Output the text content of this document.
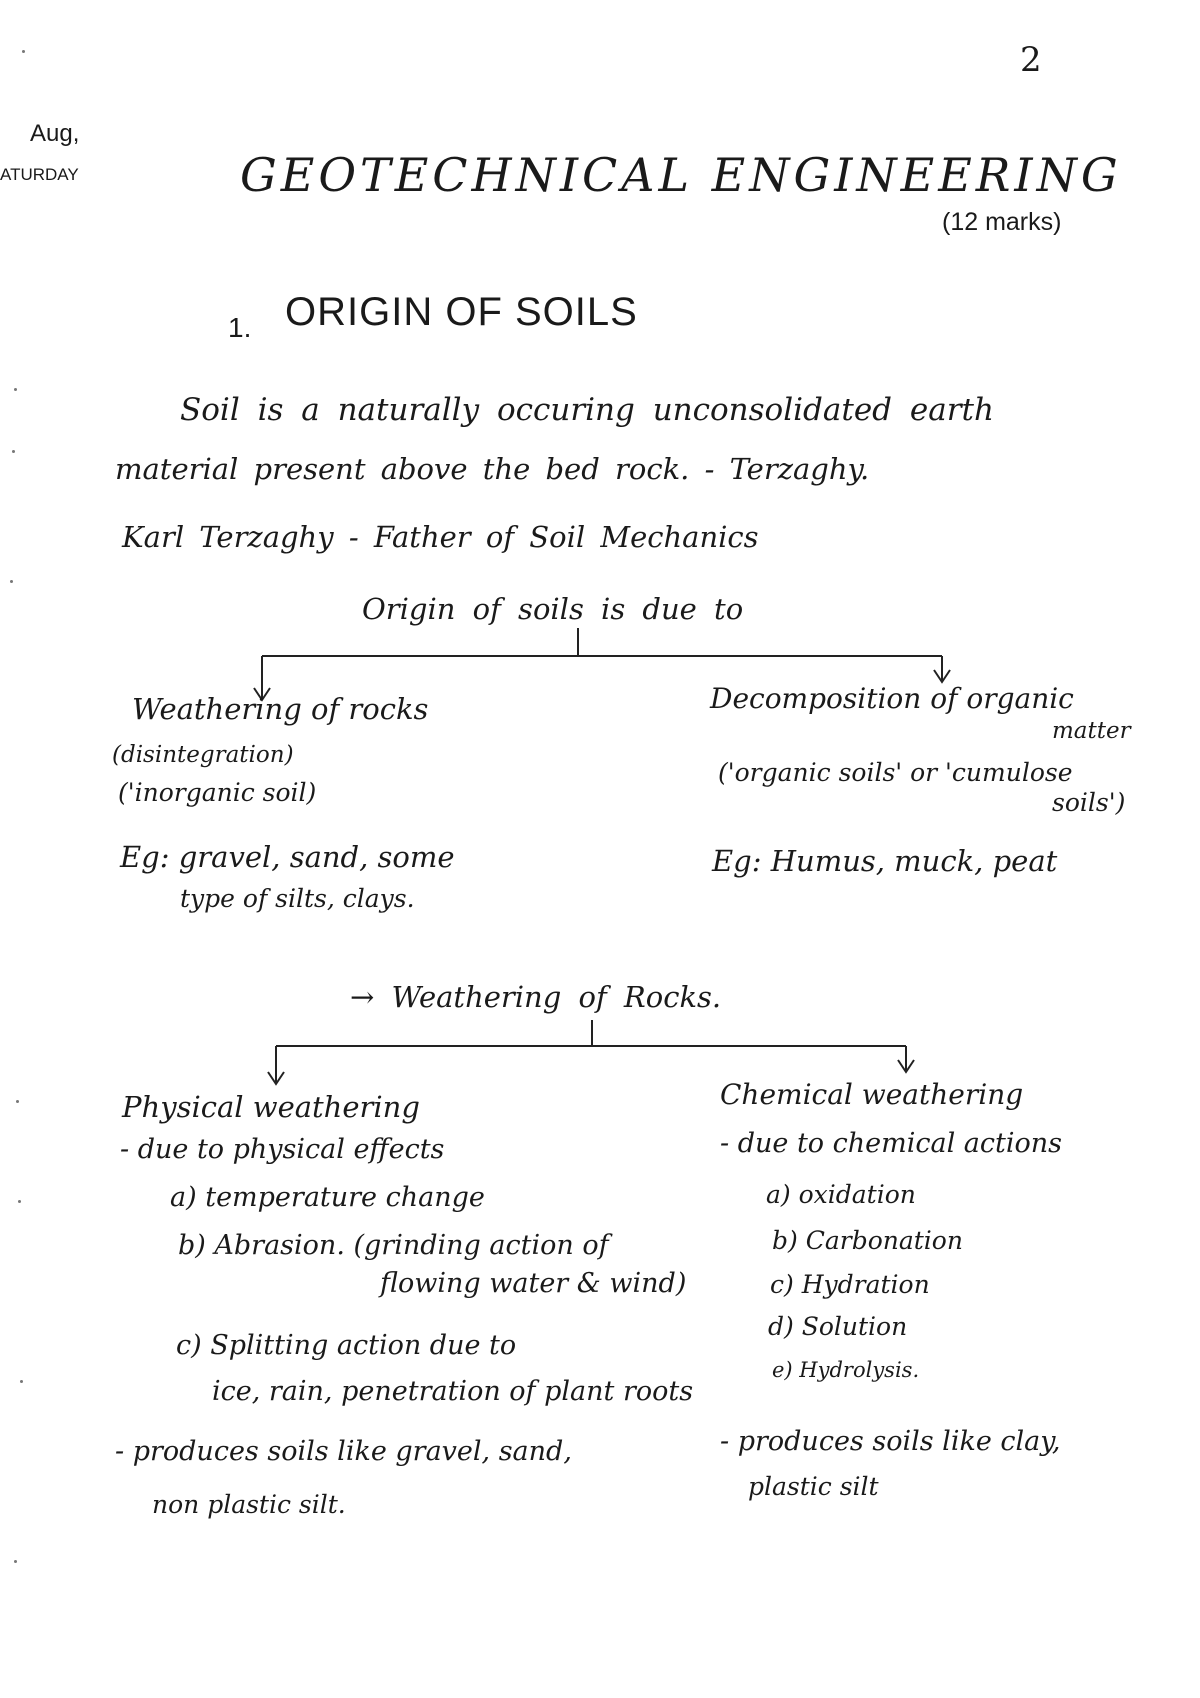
2
Aug,
ATURDAY	GEOTECHNICAL ENGINEERING
(12 marks)
1. ORIGIN OF SOILS
Soil is a naturally occuring unconsolidated earth
material present above the bed rock. - Terzaghy.
Karl Terzaghy - Father of Soil Mechanics
Origin of soils is due to
Weathering of rocks
(disintegration)
('inorganic soil)
Eg: gravel, sand, some
type of silts, clays.
Decomposition of organic
matter
('organic soils' or 'cumulose
soils')
Eg: Humus, muck, peat
→ Weathering of Rocks.
Physical weathering
- due to physical effects
a) temperature change
b) Abrasion. (grinding action of
flowing water & wind)
c) Splitting action due to
ice, rain, penetration of plant roots
- produces soils like gravel, sand,
non plastic silt.
Chemical weathering
- due to chemical actions
a) oxidation
b) Carbonation
c) Hydration
d) Solution
e) Hydrolysis.
- produces soils like clay,
plastic silt
